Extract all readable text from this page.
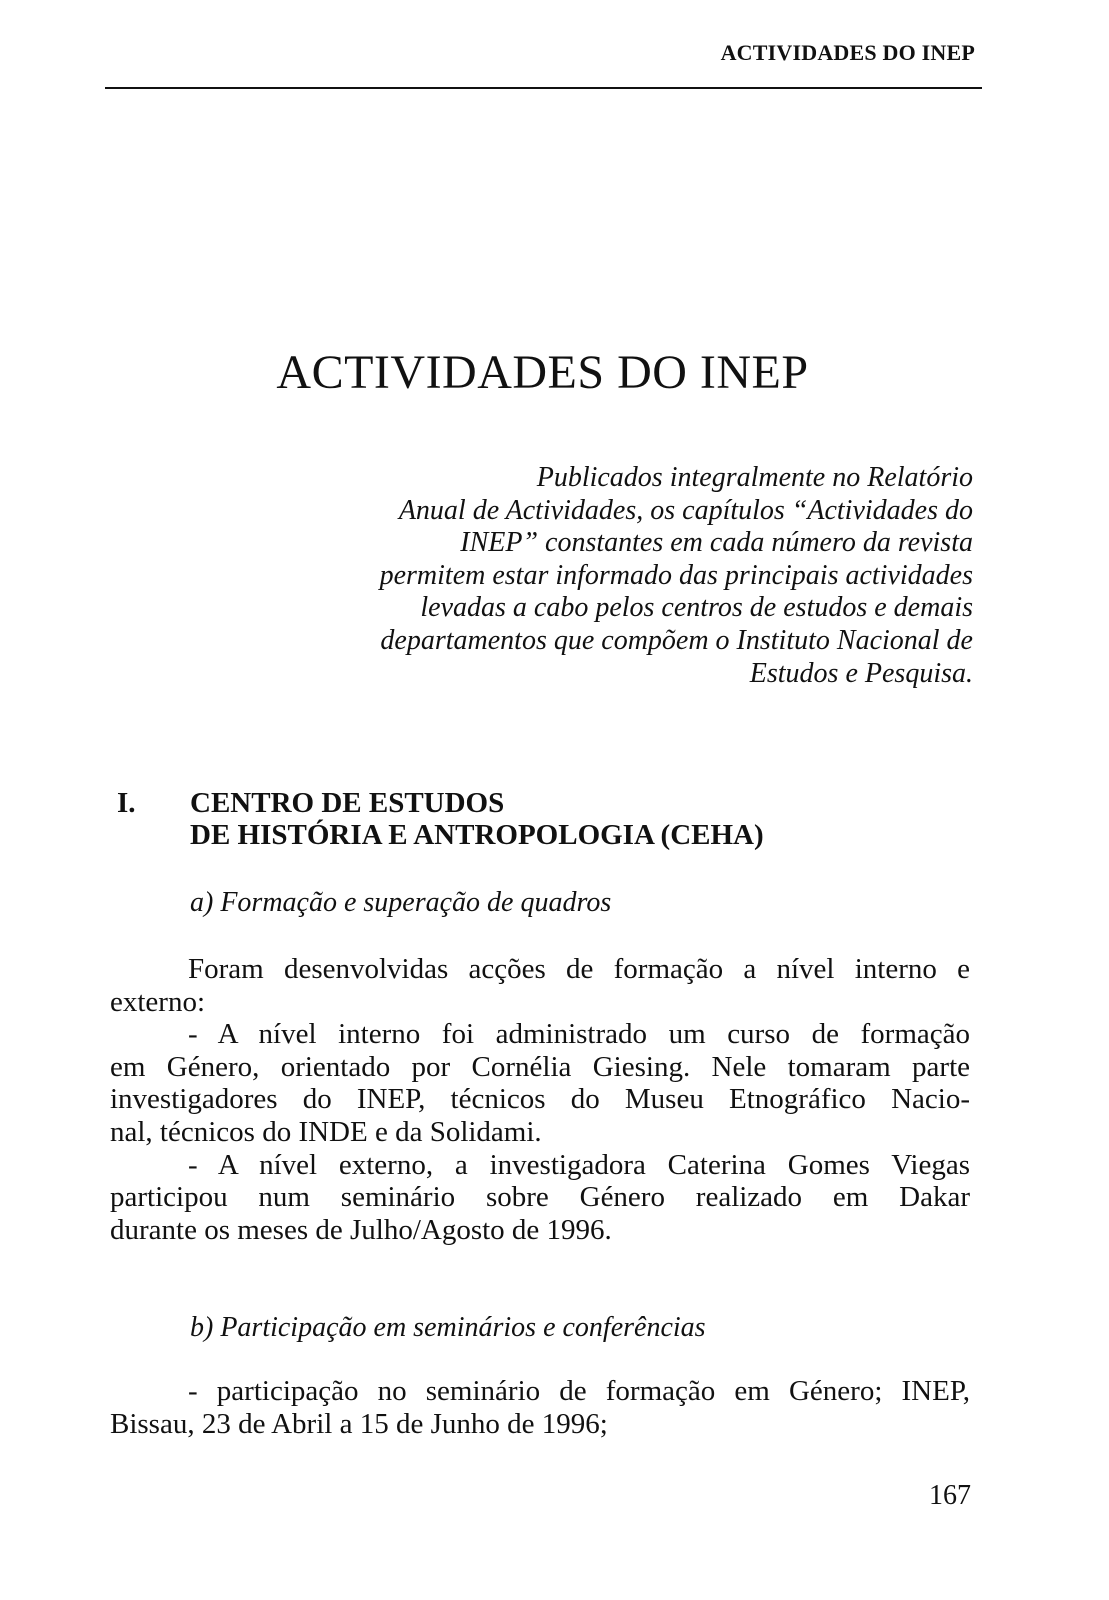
ACTIVIDADES DO INEP
ACTIVIDADES DO INEP
Publicados integralmente no Relatório
Anual de Actividades, os capítulos “Actividades do
INEP” constantes em cada número da revista
permitem estar informado das principais actividades
levadas a cabo pelos centros de estudos e demais
departamentos que compõem o Instituto Nacional de
Estudos e Pesquisa.
I. CENTRO DE ESTUDOS
DE HISTÓRIA E ANTROPOLOGIA (CEHA)
a) Formação e superação de quadros
Foram desenvolvidas acções de formação a nível interno e
externo:
- A nível interno foi administrado um curso de formação
em Género, orientado por Cornélia Giesing. Nele tomaram parte
investigadores do INEP, técnicos do Museu Etnográfico Nacio-
nal, técnicos do INDE e da Solidami.
- A nível externo, a investigadora Caterina Gomes Viegas
participou num seminário sobre Género realizado em Dakar
durante os meses de Julho/Agosto de 1996.
b) Participação em seminários e conferências
- participação no seminário de formação em Género; INEP,
Bissau, 23 de Abril a 15 de Junho de 1996;
167
